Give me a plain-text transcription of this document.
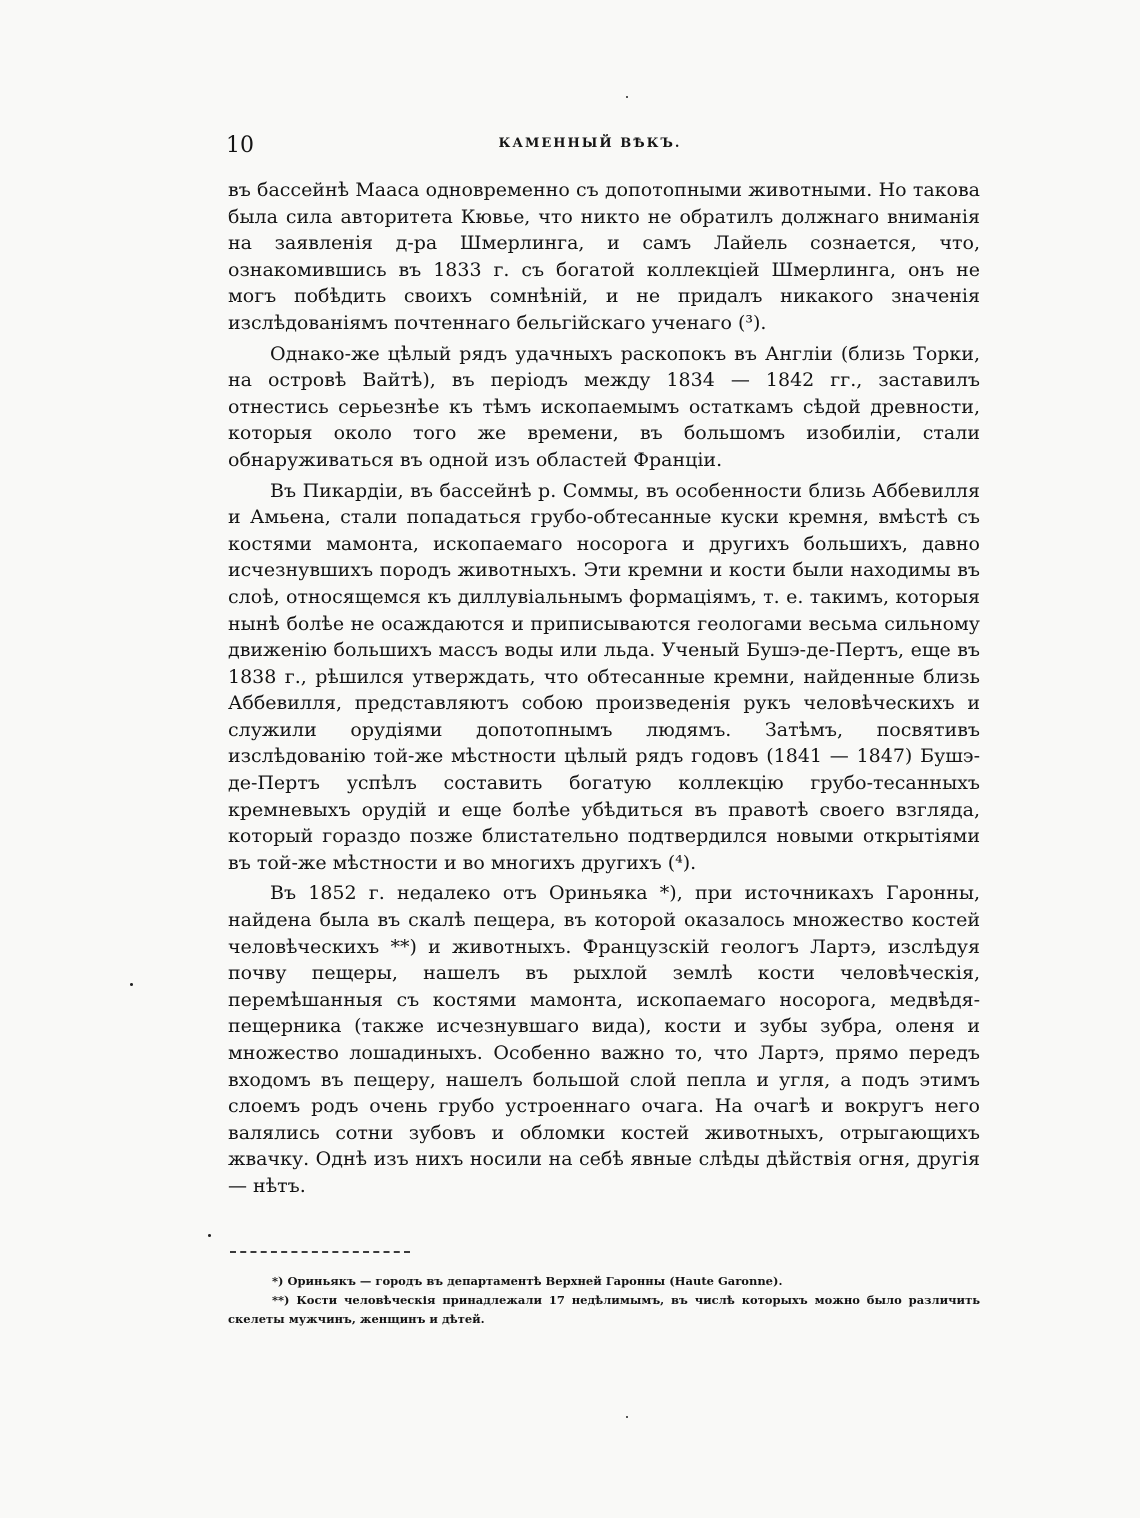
10	КАМЕННЫЙ ВѢКЪ.

въ бассейнѣ Мааса одновременно съ допотопными животными. Но такова была сила авторитета Кювье, что никто не обратилъ должнаго вниманія на заявленія д-ра Шмерлинга, и самъ Лайель сознается, что, ознакомившись въ 1833 г. съ богатой коллекціей Шмерлинга, онъ не могъ побѣдить своихъ сомнѣній, и не придалъ никакого значенія изслѣдованіямъ почтеннаго бельгійскаго ученаго (³).

Однако-же цѣлый рядъ удачныхъ раскопокъ въ Англіи (близь Торки, на островѣ Вайтѣ), въ періодъ между 1834 — 1842 гг., заставилъ отнестись серьезнѣе къ тѣмъ ископаемымъ остаткамъ сѣдой древности, которыя около того же времени, въ большомъ изобиліи, стали обнаруживаться въ одной изъ областей Франціи.

Въ Пикардіи, въ бассейнѣ р. Соммы, въ особенности близь Аббевилля и Амьена, стали попадаться грубо-обтесанные куски кремня, вмѣстѣ съ костями мамонта, ископаемаго носорога и другихъ большихъ, давно исчезнувшихъ породъ животныхъ. Эти кремни и кости были находимы въ слоѣ, относящемся къ диллувіальнымъ формаціямъ, т. е. такимъ, которыя нынѣ болѣе не осаждаются и приписываются геологами весьма сильному движенію большихъ массъ воды или льда. Ученый Бушэ-де-Пертъ, еще въ 1838 г., рѣшился утверждать, что обтесанные кремни, найденные близь Аббевилля, представляютъ собою произведенія рукъ человѣческихъ и служили орудіями допотопнымъ людямъ. Затѣмъ, посвятивъ изслѣдованію той-же мѣстности цѣлый рядъ годовъ (1841 — 1847) Бушэ-де-Пертъ успѣлъ составить богатую коллекцію грубо-тесанныхъ кремневыхъ орудій и еще болѣе убѣдиться въ правотѣ своего взгляда, который гораздо позже блистательно подтвердился новыми открытіями въ той-же мѣстности и во многихъ другихъ (⁴).

Въ 1852 г. недалеко отъ Ориньяка *), при источникахъ Гаронны, найдена была въ скалѣ пещера, въ которой оказалось множество костей человѣческихъ **) и животныхъ. Французскій геологъ Лартэ, изслѣдуя почву пещеры, нашелъ въ рыхлой землѣ кости человѣческія, перемѣшанныя съ костями мамонта, ископаемаго носорога, медвѣдя-пещерника (также исчезнувшаго вида), кости и зубы зубра, оленя и множество лошадиныхъ. Особенно важно то, что Лартэ, прямо передъ входомъ въ пещеру, нашелъ большой слой пепла и угля, а подъ этимъ слоемъ родъ очень грубо устроеннаго очага. На очагѣ и вокругъ него валялись сотни зубовъ и обломки костей животныхъ, отрыгающихъ жвачку. Однѣ изъ нихъ носили на себѣ явные слѣды дѣйствія огня, другія — нѣтъ.

*) Ориньякъ — городъ въ департаментѣ Верхней Гаронны (Haute Garonne).

**) Кости человѣческія принадлежали 17 недѣлимымъ, въ числѣ которыхъ можно было различить скелеты мужчинъ, женщинъ и дѣтей.
